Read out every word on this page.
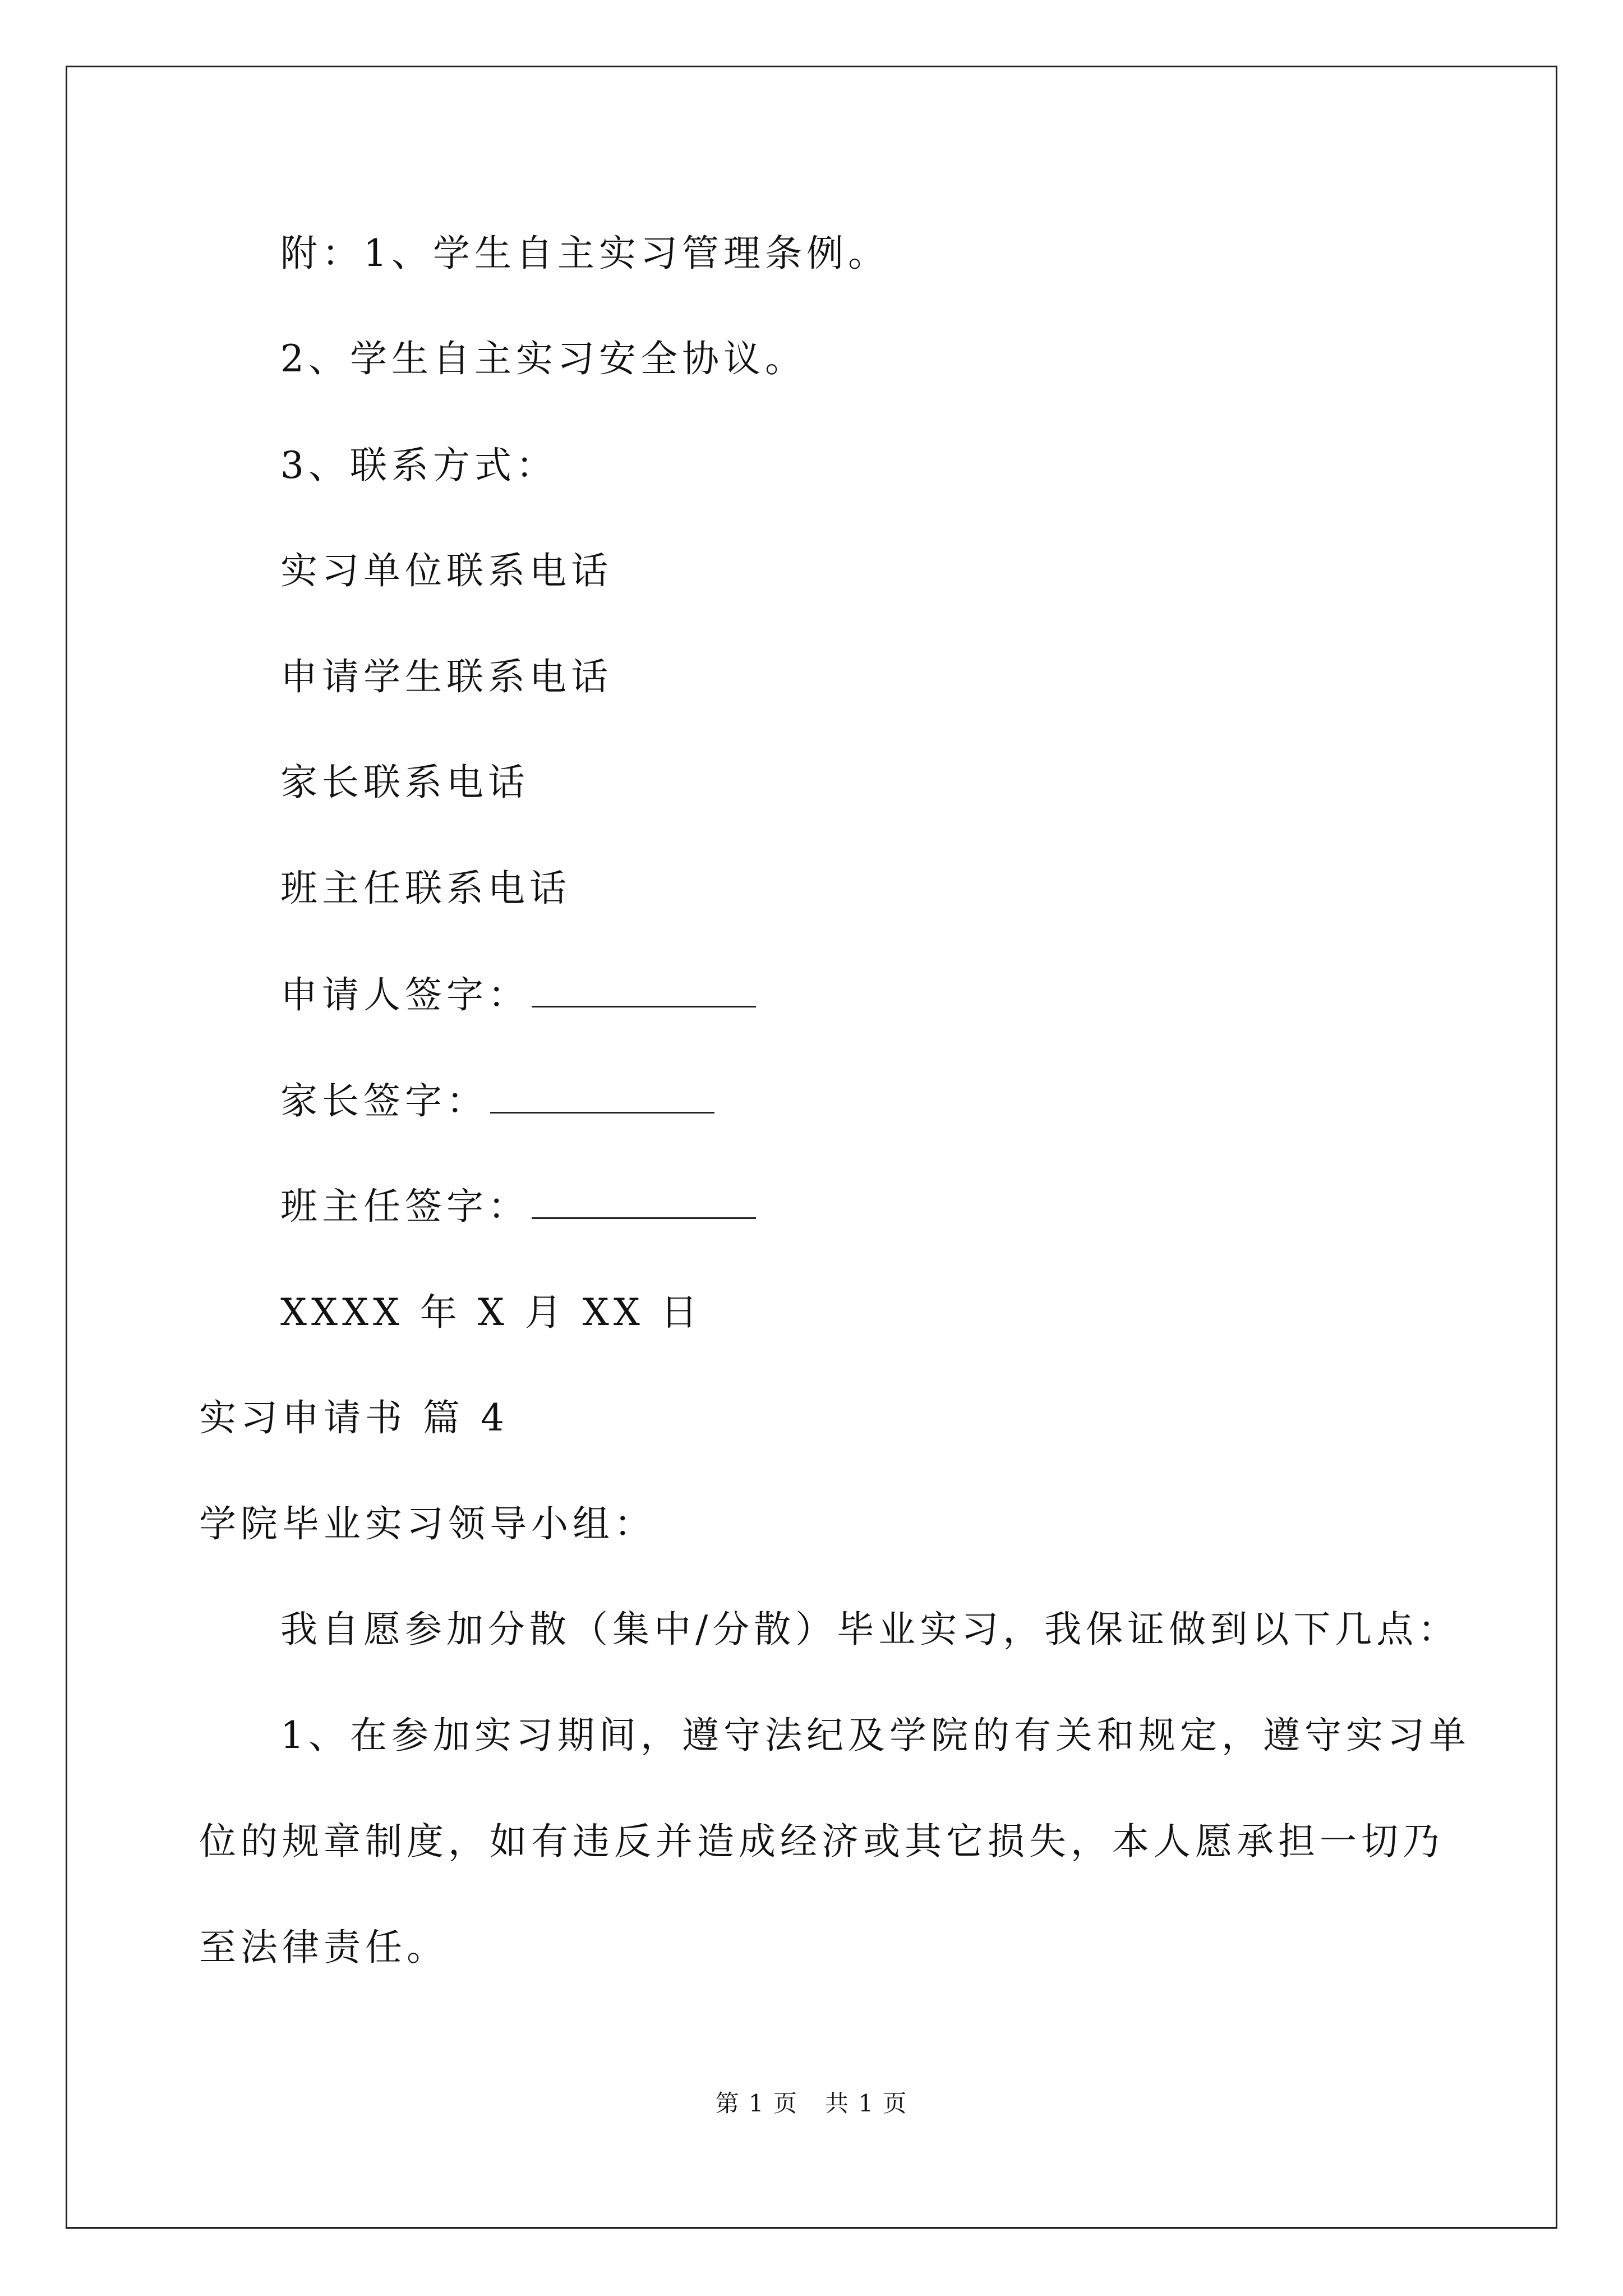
附：1、学生自主实习管理条例。
2、学生自主实习安全协议。
3、联系方式：
实习单位联系电话
申请学生联系电话
家长联系电话
班主任联系电话
申请人签字：
家长签字：
班主任签字：
XXXX 年 X 月 XX 日
实习申请书 篇 4
学院毕业实习领导小组：
我自愿参加分散（集中/分散）毕业实习，我保证做到以下几点：
1、在参加实习期间，遵守法纪及学院的有关和规定，遵守实习单
位的规章制度，如有违反并造成经济或其它损失，本人愿承担一切乃
至法律责任。
第 1 页 共 1 页
